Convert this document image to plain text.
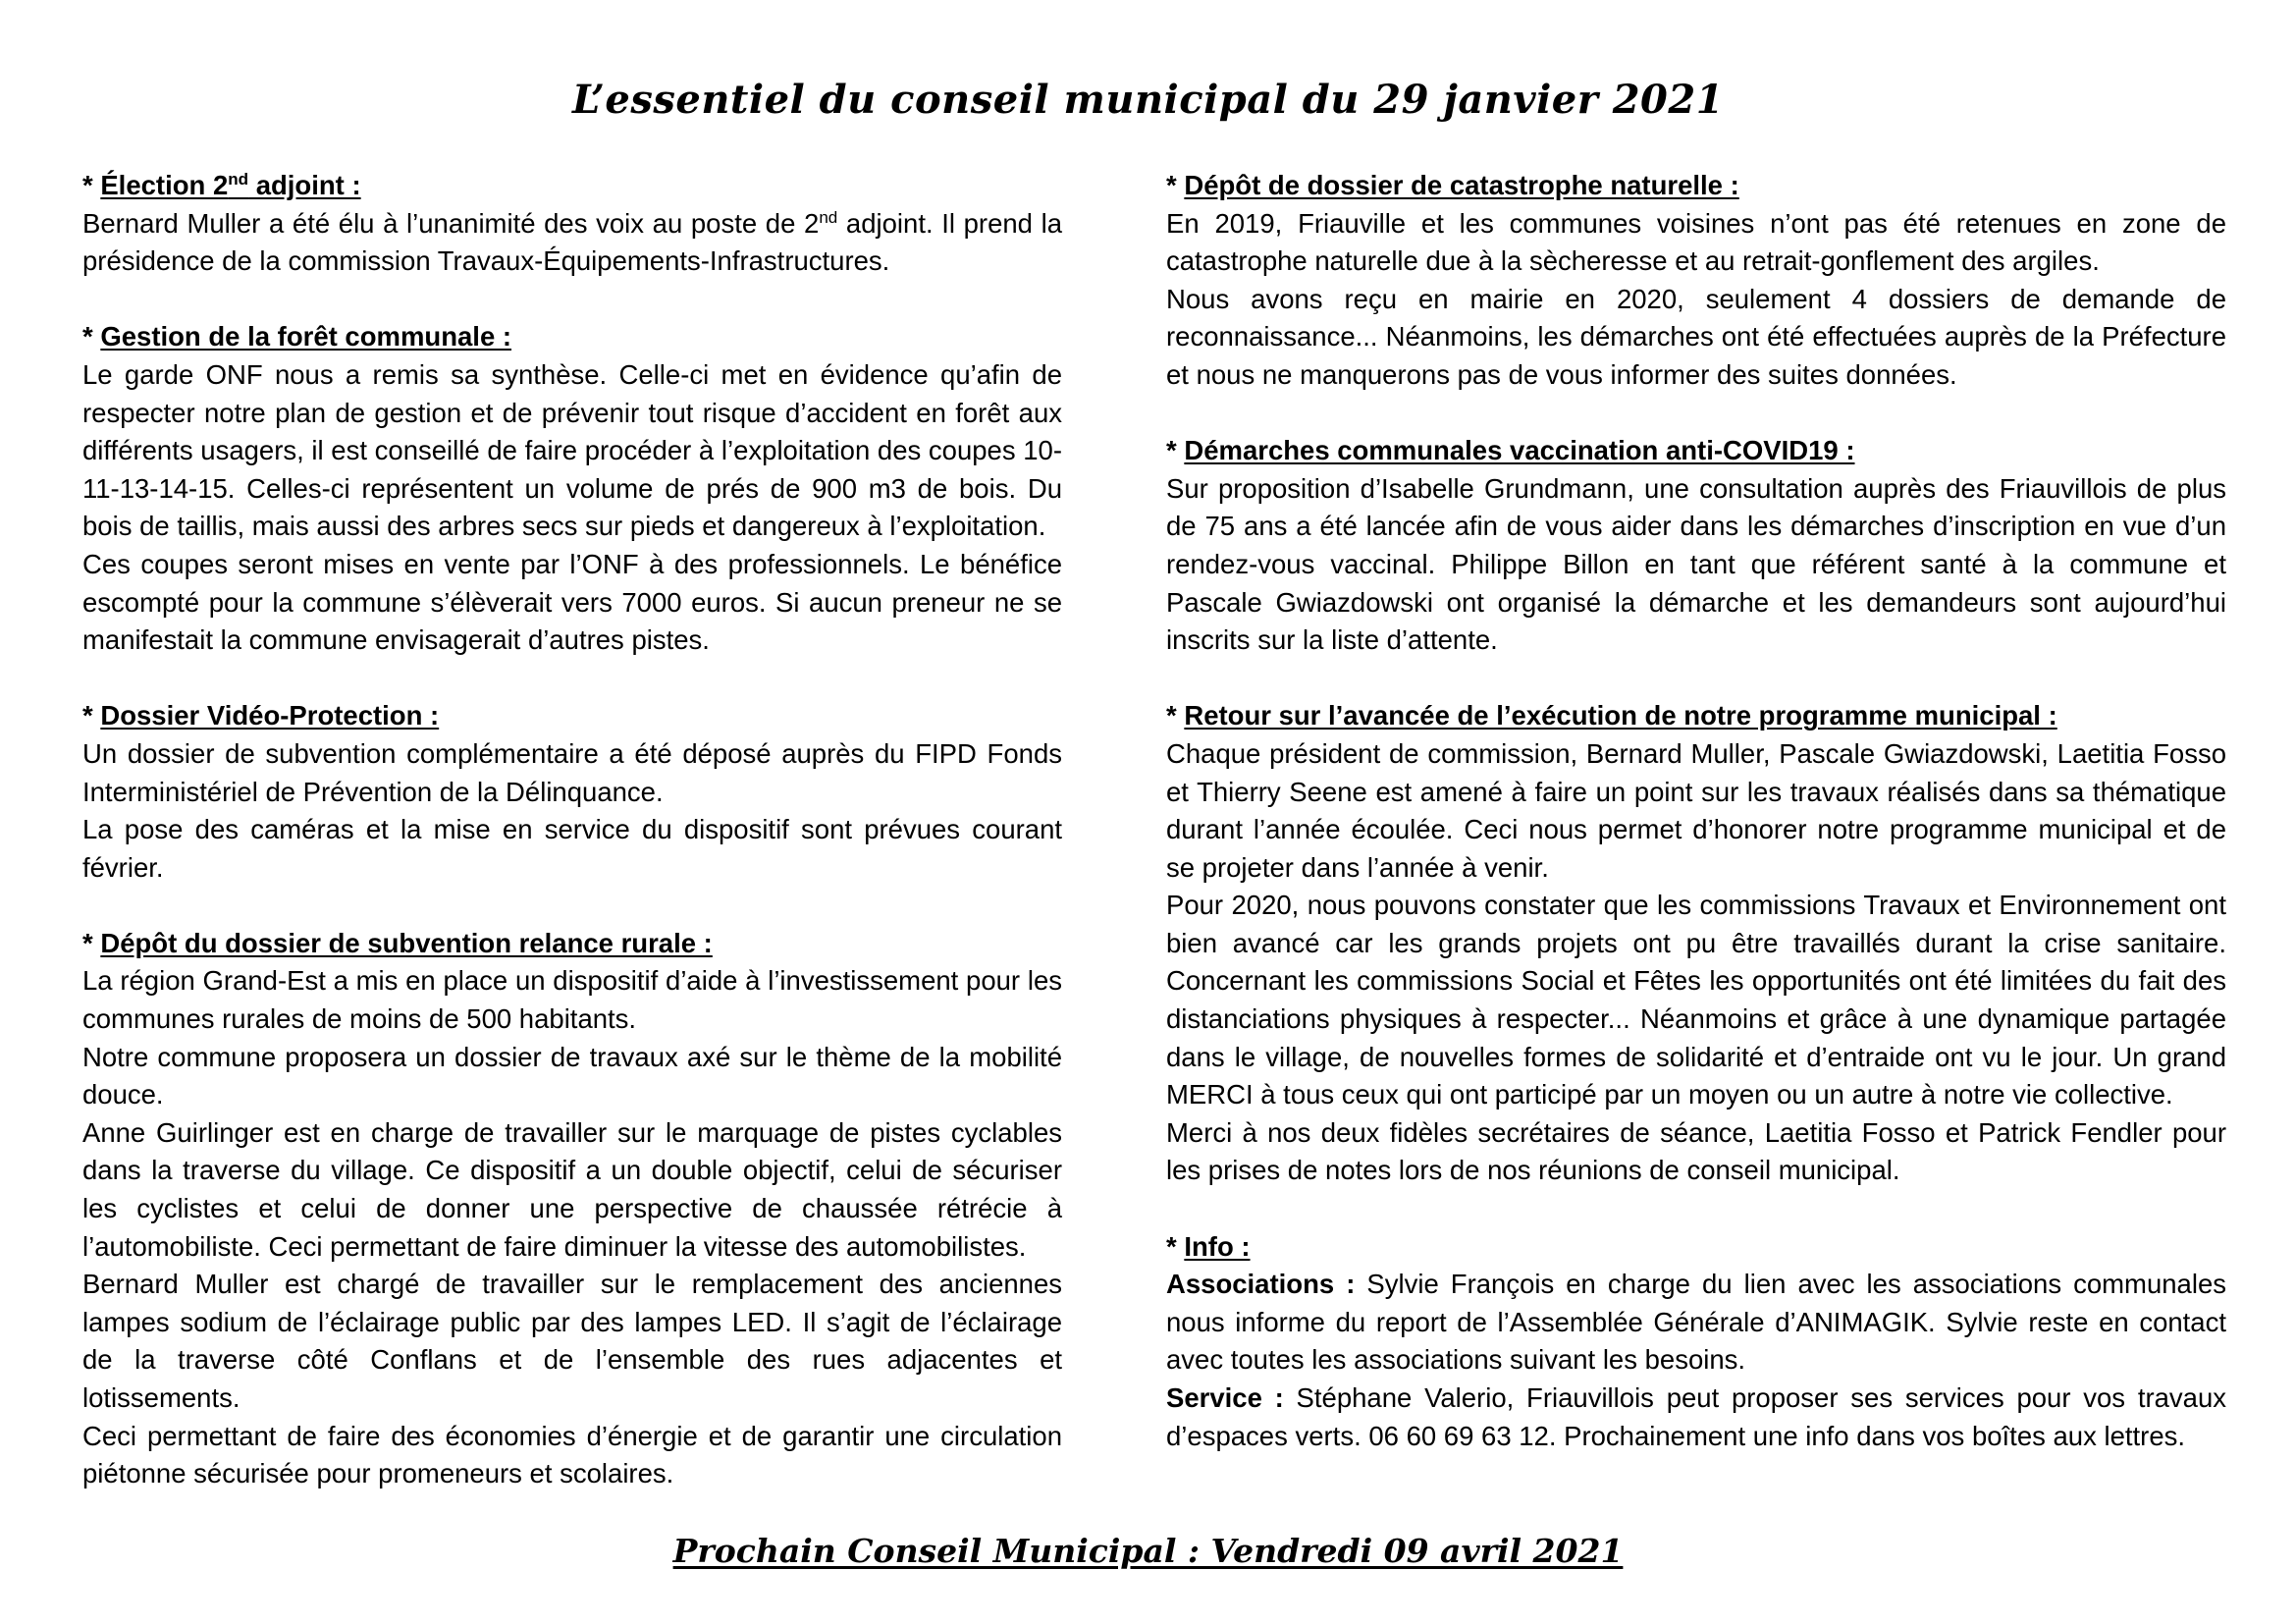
L’essentiel du conseil municipal du 29 janvier 2021

* Élection 2nd adjoint :

Bernard Muller a été élu à l’unanimité des voix au poste de 2nd adjoint. Il prend la présidence de la commission Travaux-Équipements-Infrastructures.

* Gestion de la forêt communale :

Le garde ONF nous a remis sa synthèse. Celle-ci met en évidence qu’afin de respecter notre plan de gestion et de prévenir tout risque d’accident en forêt aux différents usagers, il est conseillé de faire procéder à l’exploitation des coupes 10-11-13-14-15. Celles-ci représentent un volume de prés de 900 m3 de bois. Du bois de taillis, mais aussi des arbres secs sur pieds et dangereux à l’exploitation.

Ces coupes seront mises en vente par l’ONF à des professionnels. Le bénéfice escompté pour la commune s’élèverait vers 7000 euros. Si aucun preneur ne se manifestait la commune envisagerait d’autres pistes.

* Dossier Vidéo-Protection :

Un dossier de subvention complémentaire a été déposé auprès du FIPD Fonds Interministériel de Prévention de la Délinquance.

La pose des caméras et la mise en service du dispositif sont prévues courant février.

* Dépôt du dossier de subvention relance rurale :

La région Grand-Est a mis en place un dispositif d’aide à l’investissement pour les communes rurales de moins de 500 habitants.

Notre commune proposera un dossier de travaux axé sur le thème de la mobilité douce.

Anne Guirlinger est en charge de travailler sur le marquage de pistes cyclables dans la traverse du village. Ce dispositif a un double objectif, celui de sécuriser les cyclistes et celui de donner une perspective de chaussée rétrécie à l’automobiliste. Ceci permettant de faire diminuer la vitesse des automobilistes.

Bernard Muller est chargé de travailler sur le remplacement des anciennes lampes sodium de l’éclairage public par des lampes LED. Il s’agit de l’éclairage de la traverse côté Conflans et de l’ensemble des rues adjacentes et lotissements.

Ceci permettant de faire des économies d’énergie et de garantir une circulation piétonne sécurisée pour promeneurs et scolaires.

* Dépôt de dossier de catastrophe naturelle :

En 2019, Friauville et les communes voisines n’ont pas été retenues en zone de catastrophe naturelle due à la sècheresse et au retrait-gonflement des argiles.

Nous avons reçu en mairie en 2020, seulement 4 dossiers de demande de reconnaissance... Néanmoins, les démarches ont été effectuées auprès de la Préfecture et nous ne manquerons pas de vous informer des suites données.

* Démarches communales vaccination anti-COVID19 :

Sur proposition d’Isabelle Grundmann, une consultation auprès des Friauvillois de plus de 75 ans a été lancée afin de vous aider dans les démarches d’inscription en vue d’un rendez-vous vaccinal. Philippe Billon en tant que référent santé à la commune et Pascale Gwiazdowski ont organisé la démarche et les demandeurs sont aujourd’hui inscrits sur la liste d’attente.

* Retour sur l’avancée de l’exécution de notre programme municipal :

Chaque président de commission, Bernard Muller, Pascale Gwiazdowski, Laetitia Fosso et Thierry Seene est amené à faire un point sur les travaux réalisés dans sa thématique durant l’année écoulée. Ceci nous permet d’honorer notre programme municipal et de se projeter dans l’année à venir.

Pour 2020, nous pouvons constater que les commissions Travaux et Environnement ont bien avancé car les grands projets ont pu être travaillés durant la crise sanitaire. Concernant les commissions Social et Fêtes les opportunités ont été limitées du fait des distanciations physiques à respecter... Néanmoins et grâce à une dynamique partagée dans le village, de nouvelles formes de solidarité et d’entraide ont vu le jour. Un grand MERCI à tous ceux qui ont participé par un moyen ou un autre à notre vie collective.

Merci à nos deux fidèles secrétaires de séance, Laetitia Fosso et Patrick Fendler pour les prises de notes lors de nos réunions de conseil municipal.

* Info :

Associations : Sylvie François en charge du lien avec les associations communales nous informe du report de l’Assemblée Générale d’ANIMAGIK. Sylvie reste en contact avec toutes les associations suivant les besoins.

Service : Stéphane Valerio, Friauvillois peut proposer ses services pour vos travaux d’espaces verts. 06 60 69 63 12. Prochainement une info dans vos boîtes aux lettres.

Prochain Conseil Municipal : Vendredi 09 avril 2021
